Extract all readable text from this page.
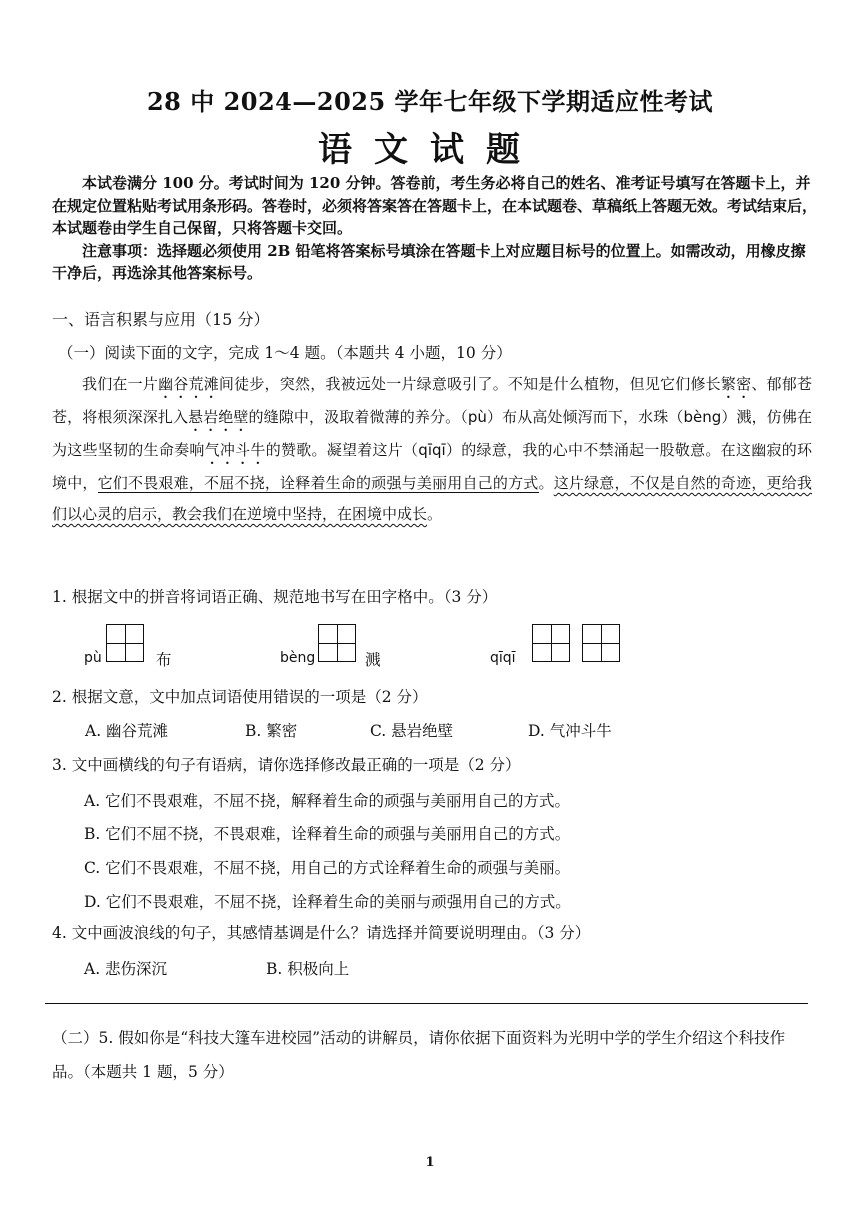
28 中 2024—2025 学年七年级下学期适应性考试
语文试题

本试卷满分 100 分。考试时间为 120 分钟。答卷前，考生务必将自己的姓名、准考证号填写在答题卡上，并在规定位置粘贴考试用条形码。答卷时，必须将答案答在答题卡上，在本试题卷、草稿纸上答题无效。考试结束后，本试题卷由学生自己保留，只将答题卡交回。

注意事项：选择题必须使用 2B 铅笔将答案标号填涂在答题卡上对应题目标号的位置上。如需改动，用橡皮擦干净后，再选涂其他答案标号。

一、语言积累与应用（15 分）
（一）阅读下面的文字，完成 1～4 题。（本题共 4 小题，10 分）

我们在一片幽谷荒滩间徒步，突然，我被远处一片绿意吸引了。不知是什么植物，但见它们修长繁密、郁郁苍苍，将根须深深扎入悬岩绝壁的缝隙中，汲取着微薄的养分。（pù）布从高处倾泻而下，水珠（bèng）溅，仿佛在为这些坚韧的生命奏响气冲斗牛的赞歌。凝望着这片（qīqī）的绿意，我的心中不禁涌起一股敬意。在这幽寂的环境中，它们不畏艰难，不屈不挠，诠释着生命的顽强与美丽用自己的方式。这片绿意，不仅是自然的奇迹，更给我们以心灵的启示，教会我们在逆境中坚持，在困境中成长。

1. 根据文中的拼音将词语正确、规范地书写在田字格中。（3 分）
pù	布	bèng	溅	qīqī
2. 根据文意，文中加点词语使用错误的一项是（2 分）
A. 幽谷荒滩	B. 繁密	C. 悬岩绝壁	D. 气冲斗牛
3. 文中画横线的句子有语病，请你选择修改最正确的一项是（2 分）
A. 它们不畏艰难，不屈不挠，解释着生命的顽强与美丽用自己的方式。
B. 它们不屈不挠，不畏艰难，诠释着生命的顽强与美丽用自己的方式。
C. 它们不畏艰难，不屈不挠，用自己的方式诠释着生命的顽强与美丽。
D. 它们不畏艰难，不屈不挠，诠释着生命的美丽与顽强用自己的方式。
4. 文中画波浪线的句子，其感情基调是什么？请选择并简要说明理由。（3 分）
A. 悲伤深沉	B. 积极向上
（二）5. 假如你是“科技大篷车进校园”活动的讲解员，请你依据下面资料为光明中学的学生介绍这个科技作品。（本题共 1 题，5 分）
1
